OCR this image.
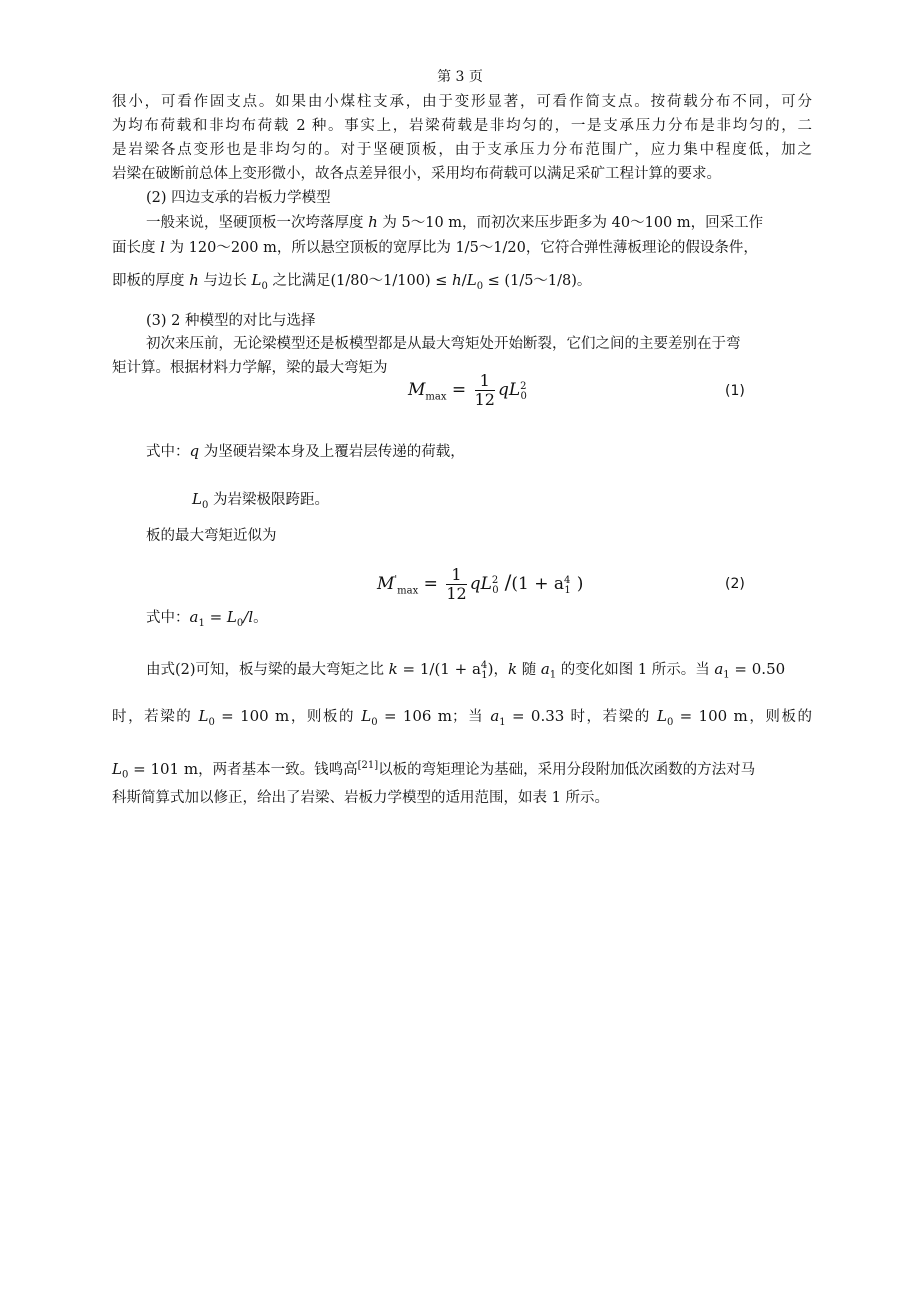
第 3 页
很小，可看作固支点。如果由小煤柱支承，由于变形显著，可看作简支点。按荷载分布不同，可分
为均布荷载和非均布荷载 2 种。事实上，岩梁荷载是非均匀的，一是支承压力分布是非均匀的，二
是岩梁各点变形也是非均匀的。对于坚硬顶板，由于支承压力分布范围广，应力集中程度低，加之
岩梁在破断前总体上变形微小，故各点差异很小，采用均布荷载可以满足采矿工程计算的要求。
(2) 四边支承的岩板力学模型
一般来说，坚硬顶板一次垮落厚度 h 为 5～10 m，而初次来压步距多为 40～100 m，回采工作
面长度 l 为 120～200 m，所以悬空顶板的宽厚比为 1/5～1/20，它符合弹性薄板理论的假设条件，
即板的厚度 h 与边长 $L_0$ 之比满足(1/80～1/100) ≤ $h/L_0$ ≤ (1/5～1/8)。
(3) 2 种模型的对比与选择
初次来压前，无论梁模型还是板模型都是从最大弯矩处开始断裂，它们之间的主要差别在于弯
矩计算。根据材料力学解，梁的最大弯矩为
$M_{max} = \frac{1}{12} qL_{20}$	(1)
式中：q 为坚硬岩梁本身及上覆岩层传递的荷载，
$L_0$ 为岩梁极限跨距。
板的最大弯矩近似为
$M'_{max} = \frac{1}{12} qL_{20}$ $/(1 + a_{41}$ )	(2)
式中：$a_1 = L_0/l$。
由式(2)可知，板与梁的最大弯矩之比 $k = 1/(1 + a^4_1)$，k 随 $a_1$ 的变化如图 1 所示。当 $a_1 = 0.50$
时，若梁的 $L_0 = 100$ m，则板的 $L_0 = 106$ m；当 $a_1 = 0.33$ 时，若梁的 $L_0 = 100$ m，则板的
$L_0 = 101$ m，两者基本一致。钱鸣高[21]以板的弯矩理论为基础，采用分段附加低次函数的方法对马
科斯简算式加以修正，给出了岩梁、岩板力学模型的适用范围，如表 1 所示。
